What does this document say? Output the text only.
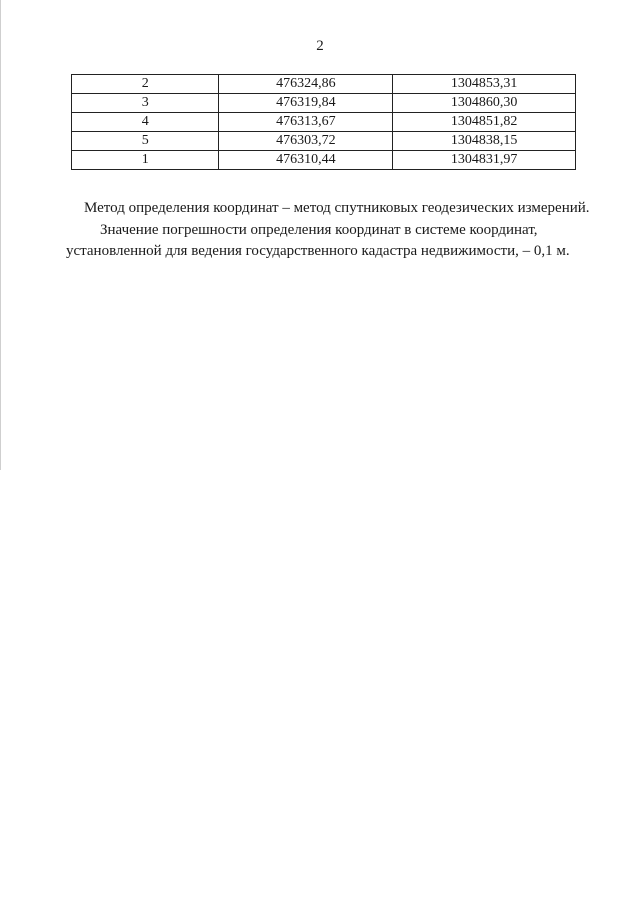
2
2	476324,86	1304853,31
3	476319,84	1304860,30
4	476313,67	1304851,82
5	476303,72	1304838,15
1	476310,44	1304831,97
Метод определения координат – метод спутниковых геодезических измерений.
Значение погрешности определения координат в системе координат,
установленной для ведения государственного кадастра недвижимости, – 0,1 м.
